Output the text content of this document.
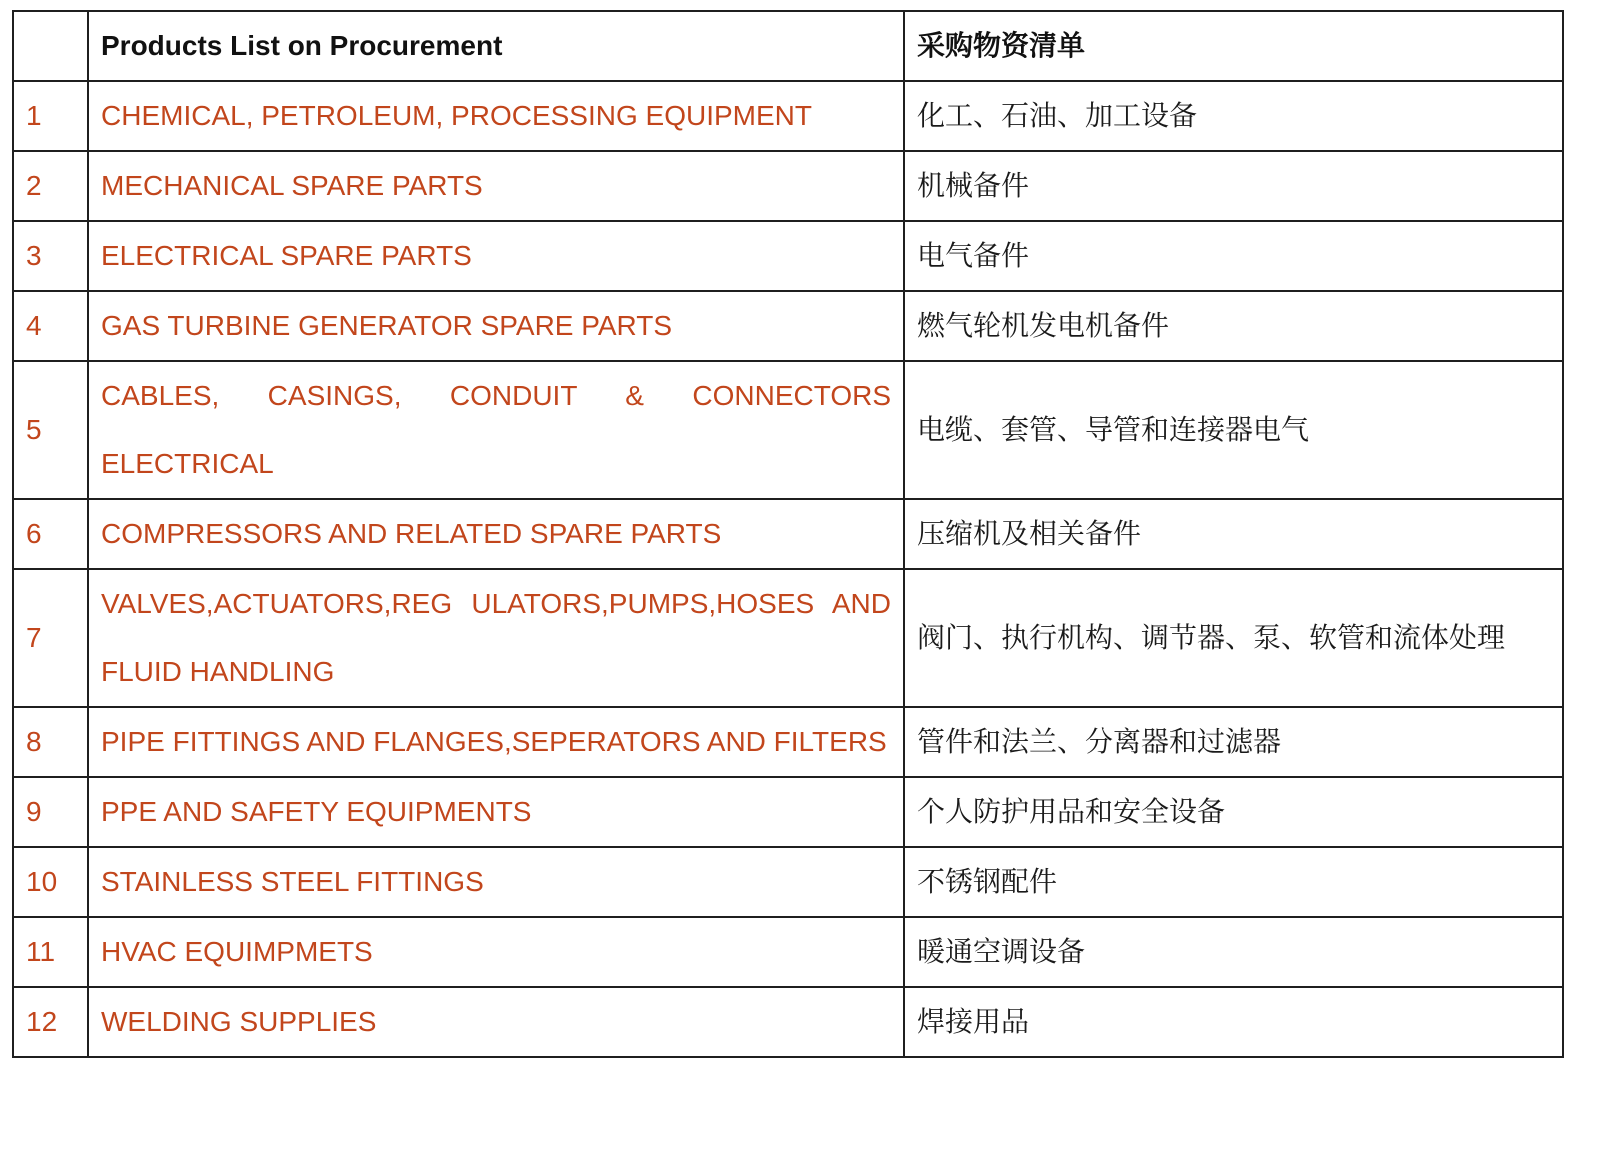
	Products List on Procurement	采购物资清单
1	CHEMICAL, PETROLEUM, PROCESSING EQUIPMENT	化工、石油、加工设备
2	MECHANICAL SPARE PARTS	机械备件
3	ELECTRICAL SPARE PARTS	电气备件
4	GAS TURBINE GENERATOR SPARE PARTS	燃气轮机发电机备件
5	CABLES, CASINGS, CONDUIT & CONNECTORS ELECTRICAL	电缆、套管、导管和连接器电气
6	COMPRESSORS AND RELATED SPARE PARTS	压缩机及相关备件
7	VALVES,ACTUATORS,REG ULATORS,PUMPS,HOSES AND FLUID HANDLING	阀门、执行机构、调节器、泵、软管和流体处理
8	PIPE FITTINGS AND FLANGES,SEPERATORS AND FILTERS	管件和法兰、分离器和过滤器
9	PPE AND SAFETY EQUIPMENTS	个人防护用品和安全设备
10	STAINLESS STEEL FITTINGS	不锈钢配件
11	HVAC EQUIMPMETS	暖通空调设备
12	WELDING SUPPLIES	焊接用品
